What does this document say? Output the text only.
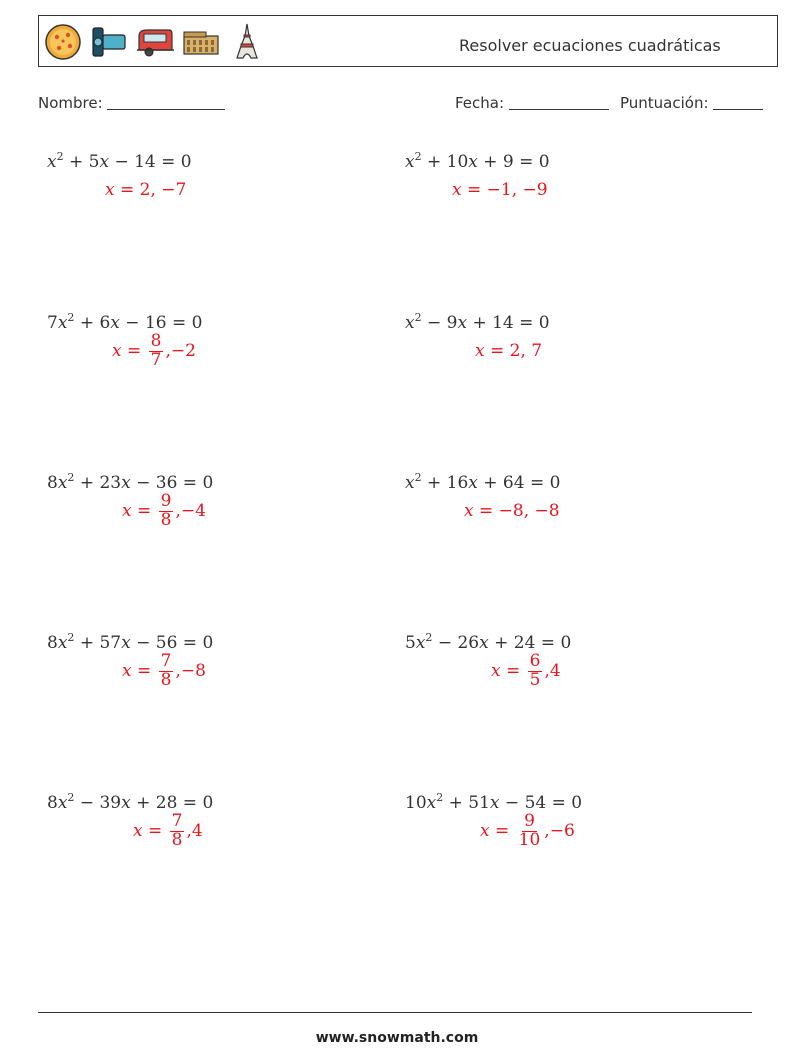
Resolver ecuaciones cuadráticas
Nombre:	Fecha:	Puntuación:
$x^2 + 5x - 14 = 0$
x = 2, −7
$x^2 + 10x + 9 = 0$
x = −1, −9
$7x^2 + 6x - 16 = 0$
$x = \frac{8}{7} ,-2$
$x^2 - 9x + 14 = 0$
x = 2, 7
$8x^2 + 23x - 36 = 0$
$x = \frac{9}{8} ,-4$
$x^2 + 16x + 64 = 0$
x = −8, −8
$8x^2 + 57x - 56 = 0$
$x = \frac{7}{8} ,-8$
$5x^2 - 26x + 24 = 0$
$x = \frac{6}{5} ,4$
$8x^2 - 39x + 28 = 0$
$x = \frac{7}{8} ,4$
$10x^2 + 51x - 54 = 0$
$x = \frac{9}{10} ,-6$
www.snowmath.com
